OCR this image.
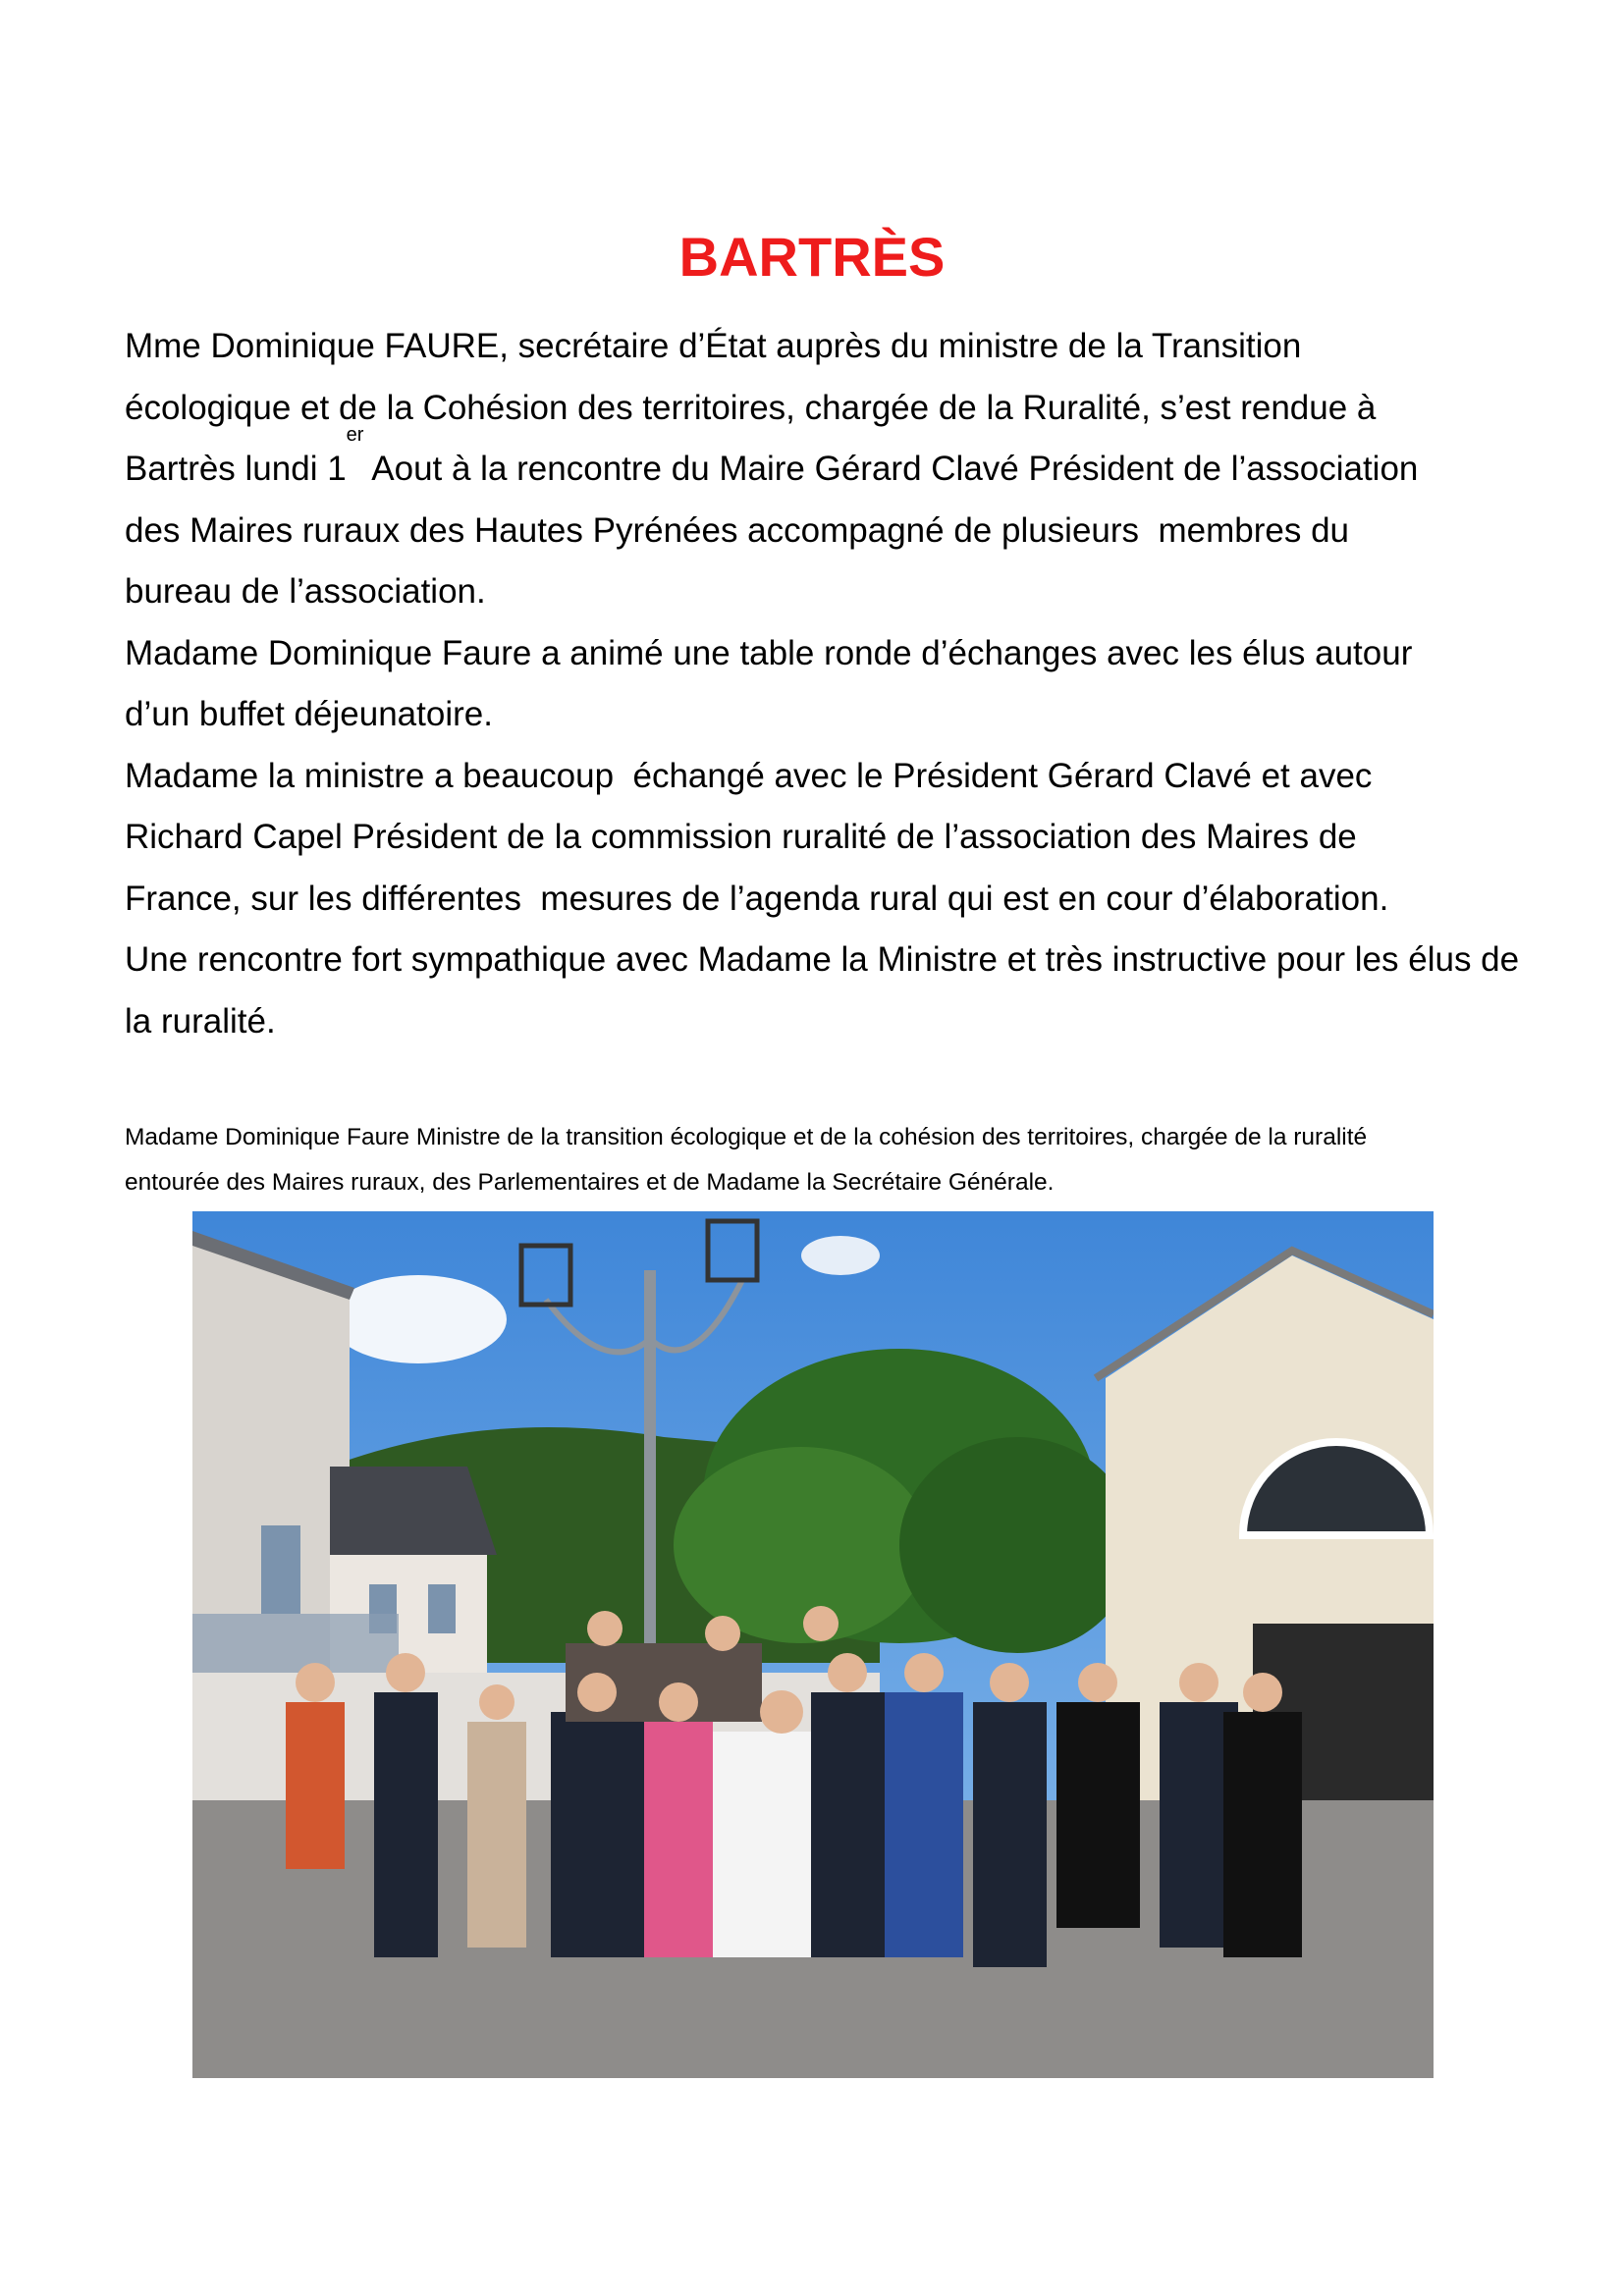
BARTRÈS
Mme Dominique FAURE, secrétaire d’État auprès du ministre de la Transition
écologique et de la Cohésion des territoires, chargée de la Ruralité, s’est rendue à
Bartrès lundi 1er Aout à la rencontre du Maire Gérard Clavé Président de l’association
des Maires ruraux des Hautes Pyrénées accompagné de plusieurs  membres du
bureau de l’association.
Madame Dominique Faure a animé une table ronde d’échanges avec les élus autour
d’un buffet déjeunatoire.
Madame la ministre a beaucoup  échangé avec le Président Gérard Clavé et avec
Richard Capel Président de la commission ruralité de l’association des Maires de
France, sur les différentes  mesures de l’agenda rural qui est en cour d’élaboration.
Une rencontre fort sympathique avec Madame la Ministre et très instructive pour les élus de
la ruralité.
Madame Dominique Faure Ministre de la transition écologique et de la cohésion des territoires, chargée de la ruralité
entourée des Maires ruraux, des Parlementaires et de Madame la Secrétaire Générale.
